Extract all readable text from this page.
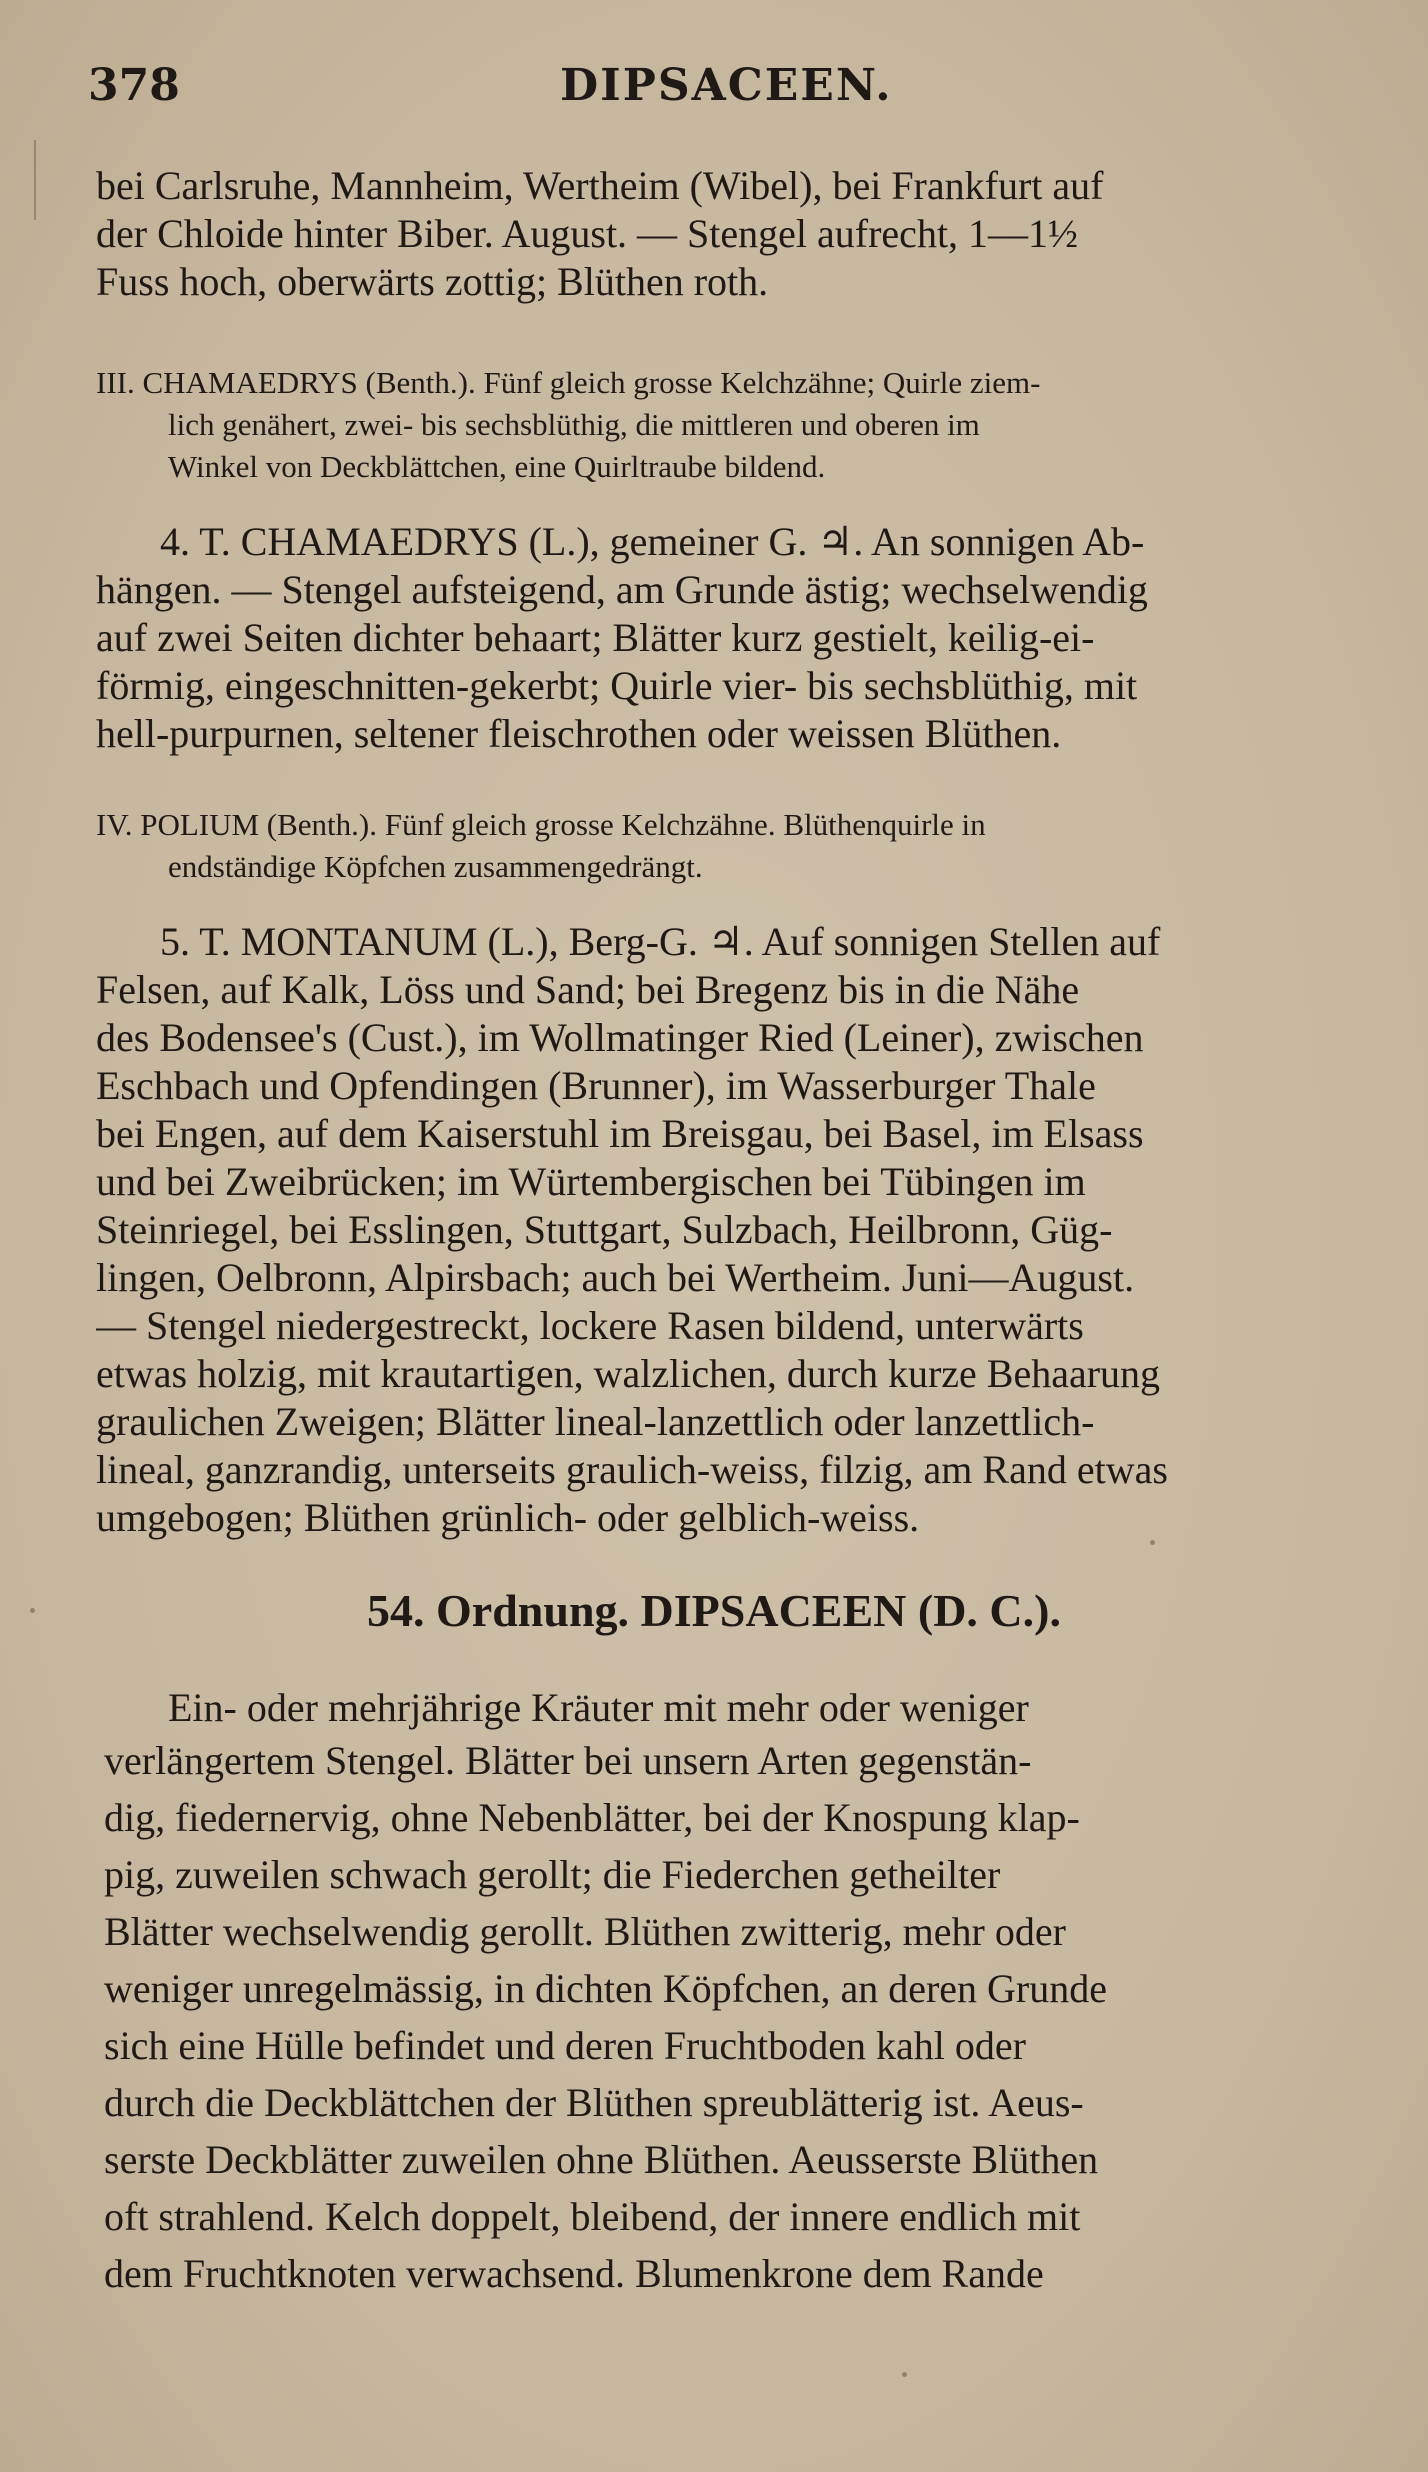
378	DIPSACEEN.
bei Carlsruhe, Mannheim, Wertheim (Wibel), bei Frankfurt auf
der Chloide hinter Biber. August. — Stengel aufrecht, 1—1½
Fuss hoch, oberwärts zottig; Blüthen roth.
III. CHAMAEDRYS (Benth.). Fünf gleich grosse Kelchzähne; Quirle ziem-
lich genähert, zwei- bis sechsblüthig, die mittleren und oberen im
Winkel von Deckblättchen, eine Quirltraube bildend.
4. T. CHAMAEDRYS (L.), gemeiner G. ♃. An sonnigen Ab-
hängen. — Stengel aufsteigend, am Grunde ästig; wechselwendig
auf zwei Seiten dichter behaart; Blätter kurz gestielt, keilig-ei-
förmig, eingeschnitten-gekerbt; Quirle vier- bis sechsblüthig, mit
hell-purpurnen, seltener fleischrothen oder weissen Blüthen.
IV. POLIUM (Benth.). Fünf gleich grosse Kelchzähne. Blüthenquirle in
endständige Köpfchen zusammengedrängt.
5. T. MONTANUM (L.), Berg-G. ♃. Auf sonnigen Stellen auf
Felsen, auf Kalk, Löss und Sand; bei Bregenz bis in die Nähe
des Bodensee's (Cust.), im Wollmatinger Ried (Leiner), zwischen
Eschbach und Opfendingen (Brunner), im Wasserburger Thale
bei Engen, auf dem Kaiserstuhl im Breisgau, bei Basel, im Elsass
und bei Zweibrücken; im Würtembergischen bei Tübingen im
Steinriegel, bei Esslingen, Stuttgart, Sulzbach, Heilbronn, Güg-
lingen, Oelbronn, Alpirsbach; auch bei Wertheim. Juni—August.
— Stengel niedergestreckt, lockere Rasen bildend, unterwärts
etwas holzig, mit krautartigen, walzlichen, durch kurze Behaarung
graulichen Zweigen; Blätter lineal-lanzettlich oder lanzettlich-
lineal, ganzrandig, unterseits graulich-weiss, filzig, am Rand etwas
umgebogen; Blüthen grünlich- oder gelblich-weiss.
54. Ordnung. DIPSACEEN (D. C.).
Ein- oder mehrjährige Kräuter mit mehr oder weniger
verlängertem Stengel. Blätter bei unsern Arten gegenstän-
dig, fiedernervig, ohne Nebenblätter, bei der Knospung klap-
pig, zuweilen schwach gerollt; die Fiederchen getheilter
Blätter wechselwendig gerollt. Blüthen zwitterig, mehr oder
weniger unregelmässig, in dichten Köpfchen, an deren Grunde
sich eine Hülle befindet und deren Fruchtboden kahl oder
durch die Deckblättchen der Blüthen spreublätterig ist. Aeus-
serste Deckblätter zuweilen ohne Blüthen. Aeusserste Blüthen
oft strahlend. Kelch doppelt, bleibend, der innere endlich mit
dem Fruchtknoten verwachsend. Blumenkrone dem Rande
